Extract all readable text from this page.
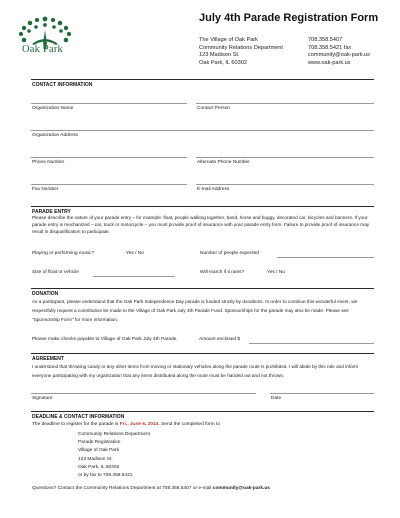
Oak Park
July 4th Parade Registration Form
The Village of Oak Park
Community Relations Department
123 Madison St.
Oak Park, IL 60302
708.358.5407
708.358.5421 fax
community@oak-park.us
www.oak-park.us
CONTACT INFORMATION
Organization Name	Contact Person
Organization Address
Phone Number	Alternate Phone Number
Fax Number	E-mail Address
PARADE ENTRY
Please describe the nature of your parade entry – for example: float, people walking together, band, horse and buggy, decorated car, bicycles and banners. If your parade entry is mechanized – car, truck or motorcycle – you must provide proof of insurance with your parade entry form. Failure to provide proof of insurance may result in disqualification to participate.
Playing or performing music?	Yes / No	Number of people expected
Size of float or vehicle	Will march if it rains?	Yes / No
DONATION
As a participant, please understand that the Oak Park Independence Day parade is funded strictly by donations. In order to continue this wonderful event, we respectfully request a contribution be made to the Village of Oak Park July 4th Parade Fund. Sponsorships for the parade may also be made. Please see "Sponsorship Form" for more information.
Please make checks payable to Village of Oak Park July 4th Parade.	Amount enclosed $
AGREEMENT
I understand that throwing candy or any other items from moving or stationary vehicles along the parade route is prohibited. I will abide by this rule and inform everyone participating with my organization that any items distributed along the route must be handed out and not thrown.
Signature	Date
DEADLINE & CONTACT INFORMATION
The deadline to register for the parade is Fri., June 6, 2014. Send the completed form to
Community Relations Department
Parade Registration
Village of Oak Park
123 Madison St.
Oak Park, IL 60302
or by fax to 708.358.5421
Questions? Contact the Community Relations Department at 708.358.5407 or e-mail community@oak-park.us
